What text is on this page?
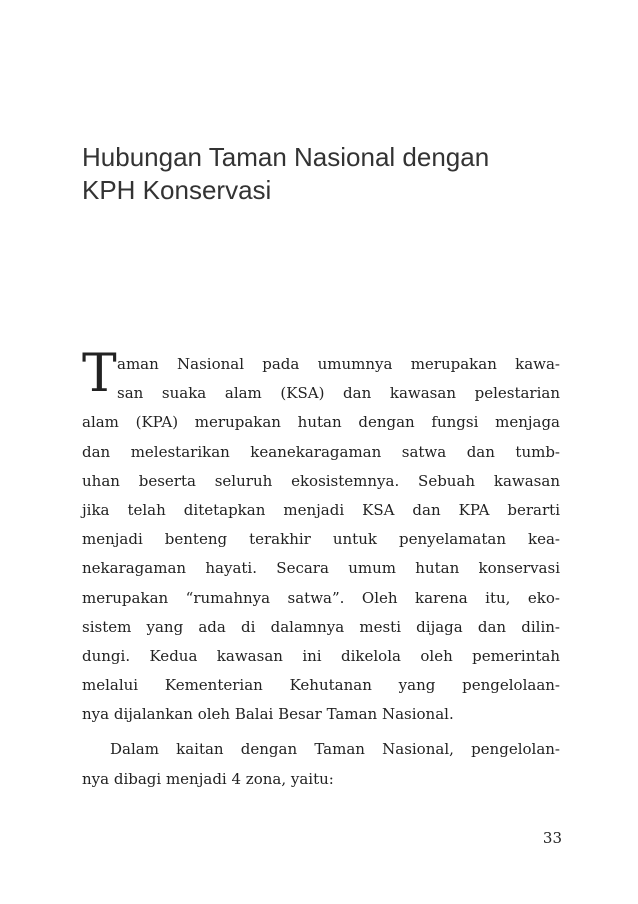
Hubungan Taman Nasional dengan
KPH Konservasi
T aman Nasional pada umumnya merupakan kawa-
san suaka alam (KSA) dan kawasan pelestarian
alam (KPA) merupakan hutan dengan fungsi menjaga
dan melestarikan keanekaragaman satwa dan tumb-
uhan beserta seluruh ekosistemnya. Sebuah kawasan
jika telah ditetapkan menjadi KSA dan KPA berarti
menjadi benteng terakhir untuk penyelamatan kea-
nekaragaman hayati. Secara umum hutan konservasi
merupakan “rumahnya satwa”. Oleh karena itu, eko-
sistem yang ada di dalamnya mesti dijaga dan dilin-
dungi. Kedua kawasan ini dikelola oleh pemerintah
melalui Kementerian Kehutanan yang pengelolaan-
nya dijalankan oleh Balai Besar Taman Nasional.
Dalam kaitan dengan Taman Nasional, pengelolan-
nya dibagi menjadi 4 zona, yaitu:
33
